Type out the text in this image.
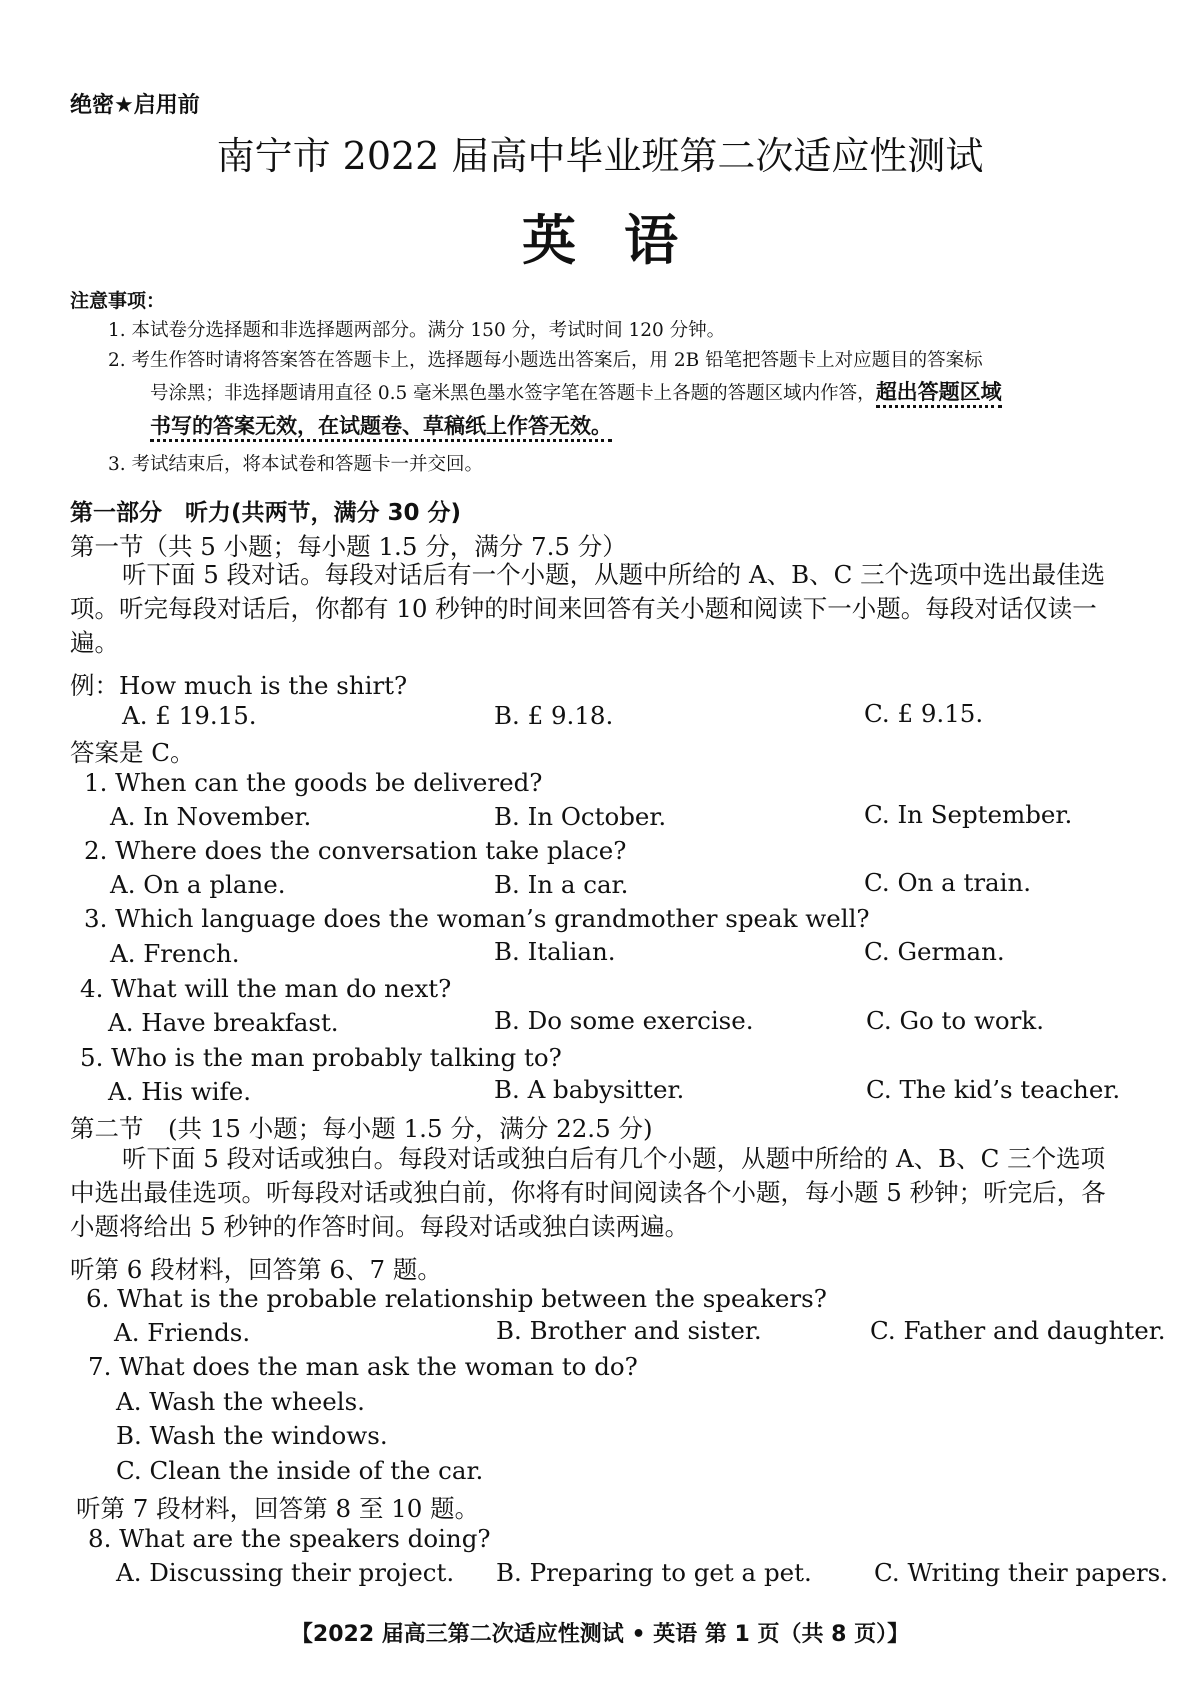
绝密★启用前
南宁市 2022 届高中毕业班第二次适应性测试
英语
注意事项：
1. 本试卷分选择题和非选择题两部分。满分 150 分，考试时间 120 分钟。
2. 考生作答时请将答案答在答题卡上，选择题每小题选出答案后，用 2B 铅笔把答题卡上对应题目的答案标
号涂黑；非选择题请用直径 0.5 毫米黑色墨水签字笔在答题卡上各题的答题区域内作答，超出答题区域
书写的答案无效，在试题卷、草稿纸上作答无效。
3. 考试结束后，将本试卷和答题卡一并交回。
第一部分　听力(共两节，满分 30 分)
第一节（共 5 小题；每小题 1.5 分，满分 7.5 分）
听下面 5 段对话。每段对话后有一个小题，从题中所给的 A、B、C 三个选项中选出最佳选项。听完每段对话后，你都有 10 秒钟的时间来回答有关小题和阅读下一小题。每段对话仅读一遍。
例：How much is the shirt?
A. £ 19.15.	B. £ 9.18.	C. £ 9.15.
答案是 C。
1. When can the goods be delivered?
A. In November.	B. In October.	C. In September.
2. Where does the conversation take place?
A. On a plane.	B. In a car.	C. On a train.
3. Which language does the woman’s grandmother speak well?
A. French.	B. Italian.	C. German.
4. What will the man do next?
A. Have breakfast.	B. Do some exercise.	C. Go to work.
5. Who is the man probably talking to?
A. His wife.	B. A babysitter.	C. The kid’s teacher.
第二节　(共 15 小题；每小题 1.5 分，满分 22.5 分)
听下面 5 段对话或独白。每段对话或独白后有几个小题，从题中所给的 A、B、C 三个选项中选出最佳选项。听每段对话或独白前，你将有时间阅读各个小题，每小题 5 秒钟；听完后，各小题将给出 5 秒钟的作答时间。每段对话或独白读两遍。
听第 6 段材料，回答第 6、7 题。
6. What is the probable relationship between the speakers?
A. Friends.	B. Brother and sister.	C. Father and daughter.
7. What does the man ask the woman to do?
A. Wash the wheels.
B. Wash the windows.
C. Clean the inside of the car.
听第 7 段材料，回答第 8 至 10 题。
8. What are the speakers doing?
A. Discussing their project. B. Preparing to get a pet.	C. Writing their papers.
【2022 届高三第二次适应性测试 • 英语 第 1 页（共 8 页）】
